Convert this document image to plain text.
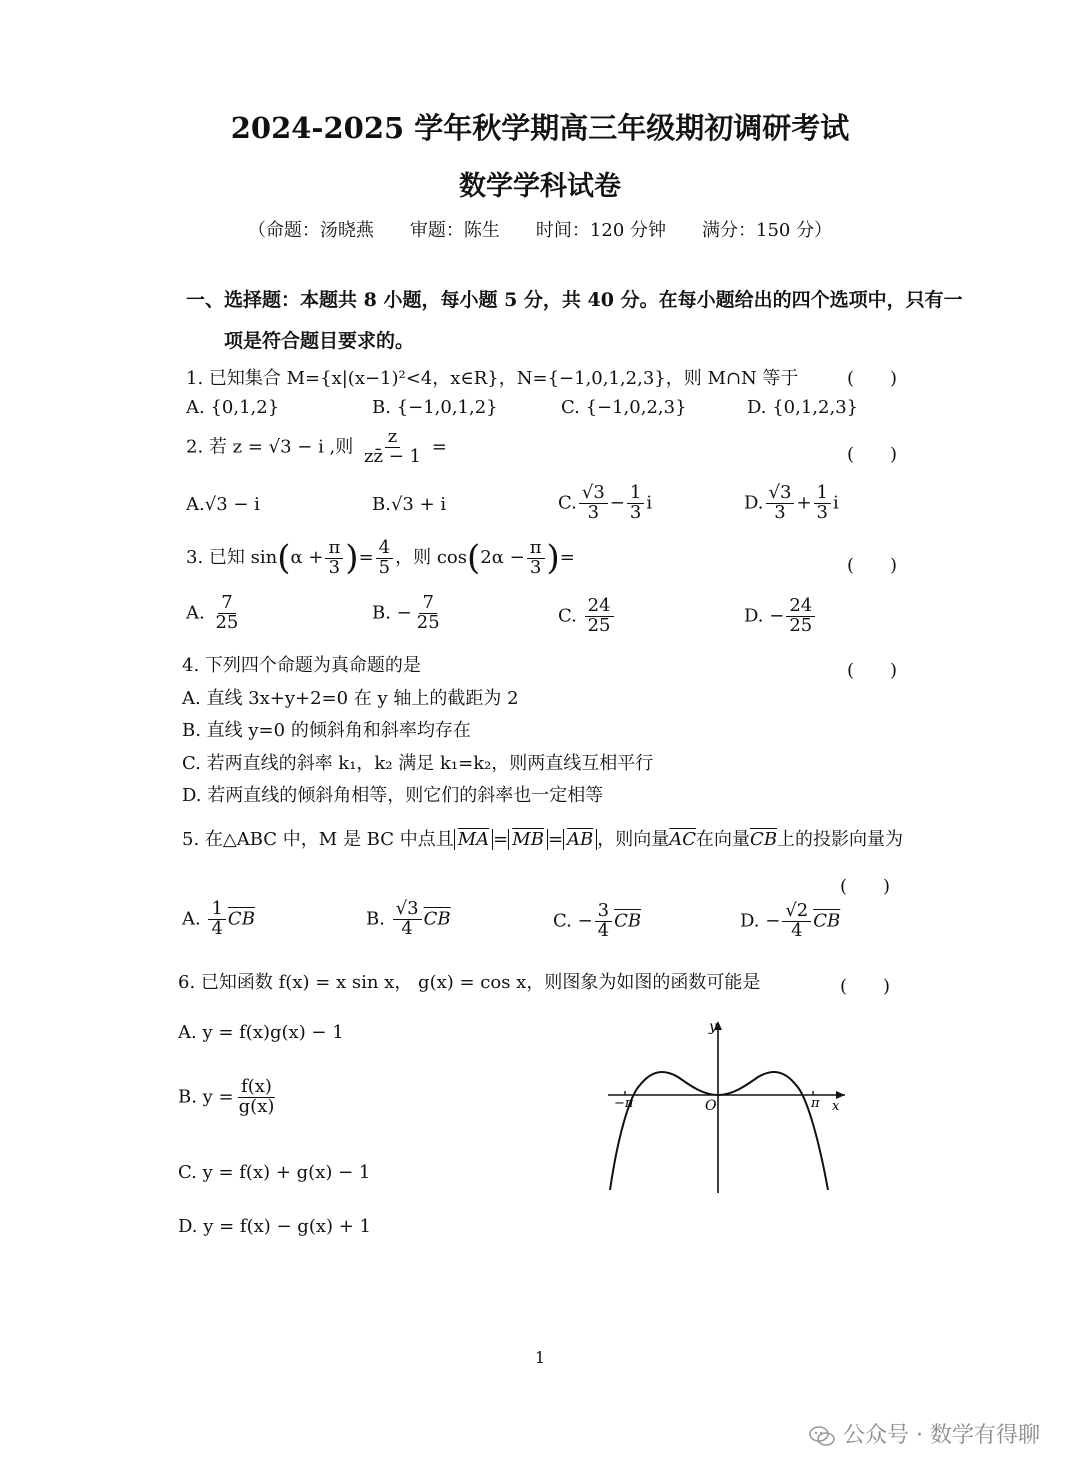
2024-2025 学年秋学期高三年级期初调研考试
数学学科试卷
（命题：汤晓燕　　审题：陈生　　时间：120 分钟　　满分：150 分）
一、选择题：本题共 8 小题，每小题 5 分，共 40 分。在每小题给出的四个选项中，只有一
项是符合题目要求的。
1. 已知集合 M={x|(x−1)²<4，x∈R}，N={−1,0,1,2,3}，则 M∩N 等于	(　　)
A. {0,1,2}	B. {−1,0,1,2}	C. {−1,0,2,3}	D. {0,1,2,3}
2. 若 z = √3 − i ,则 $\frac{z}{zz̄ - 1}$ =	(　　)
A.√3 − i	B.√3 + i	C. $\frac{√3}{3} - \frac{1}{3}$ i	D. $\frac{√3}{3} + \frac{1}{3}$ i
3. 已知 $\sin(\alpha + \frac{\pi}{3}$ )= $\frac{4}{5}$ ，则 $\cos(2\alpha - \frac{\pi}{3}$ )=	(　　)
A. $\frac{7}{25}$	B. − $\frac{7}{25}$	C. $\frac{24}{25}$	D. − $\frac{24}{25}$
4. 下列四个命题为真命题的是	(　　)
A. 直线 3x+y+2=0 在 y 轴上的截距为 2
B. 直线 y=0 的倾斜角和斜率均存在
C. 若两直线的斜率 k₁，k₂ 满足 k₁=k₂，则两直线互相平行
D. 若两直线的倾斜角相等，则它们的斜率也一定相等
5. 在△ABC 中，M 是 BC 中点且 $\overline{MA} = \overline{MB} = \overline{AB}$ ，则向量$\overline{AC}$在向量$\overline{CB}$上的投影向量为
(　　)
A. $\frac{1}{4} \overline{CB}$	B. $\frac{√3}{4} \overline{CB}$	C. − $\frac{3}{4} \overline{CB}$	D. − $\frac{√2}{4} \overline{CB}$
6. 已知函数 f(x) = x sin x， g(x) = cos x，则图象为如图的函数可能是	(　　)
A. y = f(x)g(x) − 1
B. $y = \frac{f(x)}{g(x)}$
C. y = f(x) + g(x) − 1
D. y = f(x) − g(x) + 1
y
x
O
−π	π
1
公众号 · 数学有得聊
